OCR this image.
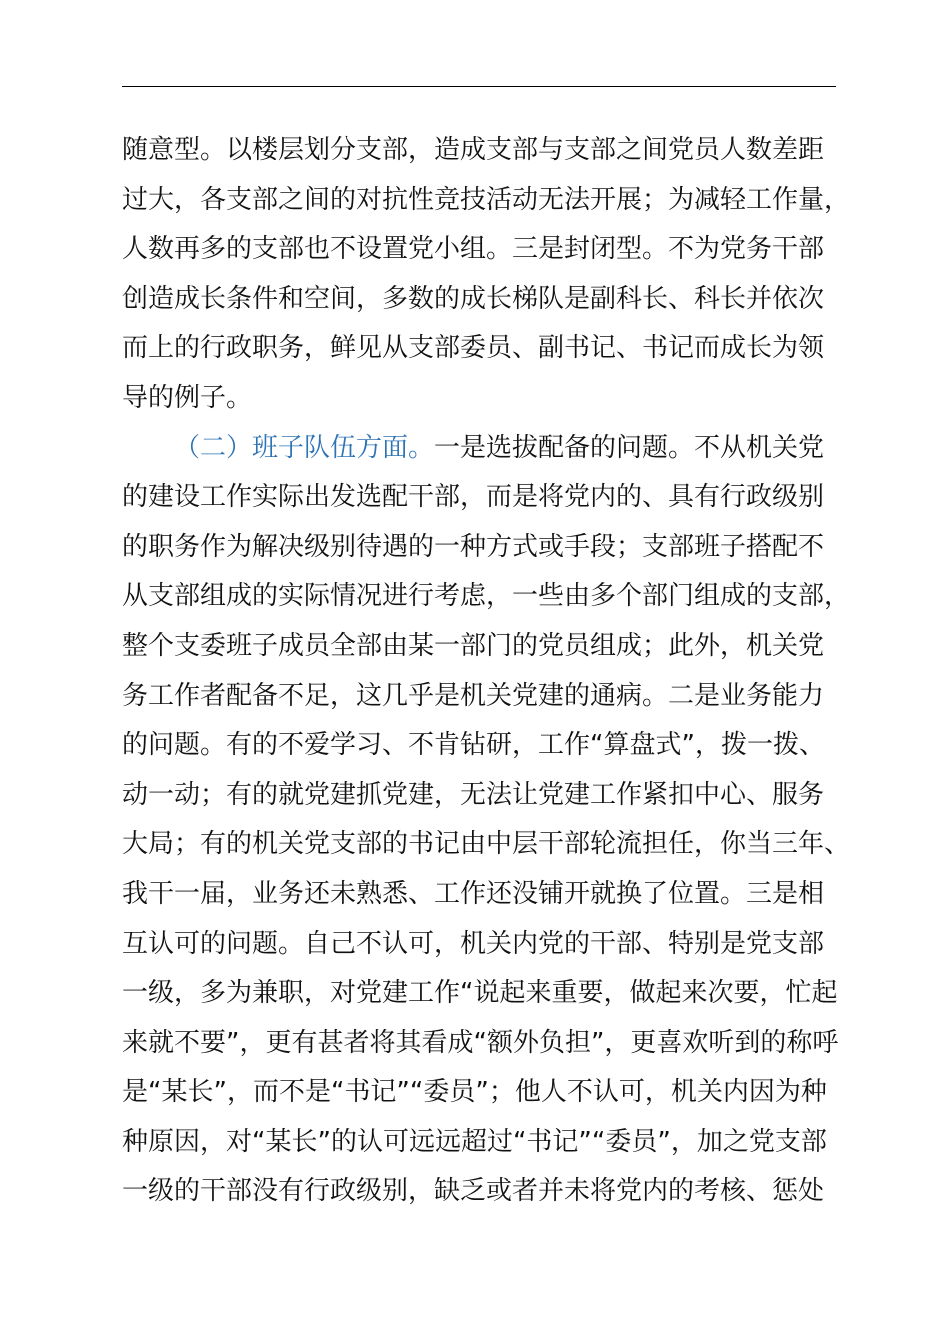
随意型。以楼层划分支部，造成支部与支部之间党员人数差距
过大，各支部之间的对抗性竞技活动无法开展；为减轻工作量，
人数再多的支部也不设置党小组。三是封闭型。不为党务干部
创造成长条件和空间，多数的成长梯队是副科长、科长并依次
而上的行政职务，鲜见从支部委员、副书记、书记而成长为领
导的例子。
（二）班子队伍方面。一是选拔配备的问题。不从机关党
的建设工作实际出发选配干部，而是将党内的、具有行政级别
的职务作为解决级别待遇的一种方式或手段；支部班子搭配不
从支部组成的实际情况进行考虑，一些由多个部门组成的支部，
整个支委班子成员全部由某一部门的党员组成；此外，机关党
务工作者配备不足，这几乎是机关党建的通病。二是业务能力
的问题。有的不爱学习、不肯钻研，工作“算盘式”，拨一拨、
动一动；有的就党建抓党建，无法让党建工作紧扣中心、服务
大局；有的机关党支部的书记由中层干部轮流担任，你当三年、
我干一届，业务还未熟悉、工作还没铺开就换了位置。三是相
互认可的问题。自己不认可，机关内党的干部、特别是党支部
一级，多为兼职，对党建工作“说起来重要，做起来次要，忙起
来就不要”，更有甚者将其看成“额外负担”，更喜欢听到的称呼
是“某长”，而不是“书记”“委员”；他人不认可，机关内因为种
种原因，对“某长”的认可远远超过“书记”“委员”，加之党支部
一级的干部没有行政级别，缺乏或者并未将党内的考核、惩处
